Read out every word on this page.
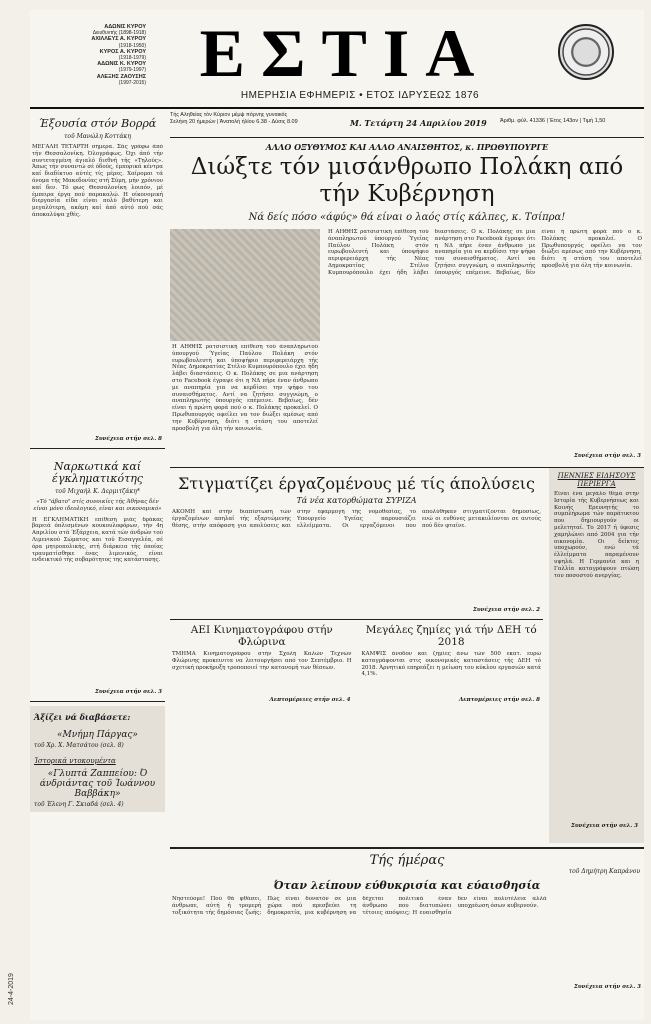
24-4-2019
ΑΔΩΝΙΣ ΚΥΡΟΥ
Διευθυντής (1898-1918)
ΑΧΙΛΛΕΥΣ Α. ΚΥΡΟΥ
(1918-1950)
ΚΥΡΟΣ Α. ΚΥΡΟΥ
(1918-1979)
ΑΔΩΝΙΣ Κ. ΚΥΡΟΥ
(1979-1997)
ΑΛΕΞΗΣ ΖΑΟΥΣΗΣ
(1997-2015) ΕΣΤΙΑ
ΗΜΕΡΗΣΙΑ ΕΦΗΜΕΡΙΣ • ΕΤΟΣ ΙΔΡΥΣΕΩΣ 1876
Έξουσία στόν Βορρά
τοῦ Μανώλη Κοττάκη
ΜΕΓΑΛΗ ΤΕΤΑΡΤΗ σήμερα. Σάς γράφω άπό τήν Θεσσαλονίκη. Όλογράφως. Όχι άπό τήν συντεταγμένη άγιαλό διεθνή τής «Τηλούς». Άπως τήν συναντώ σέ όδούς, έμπορικά κέντρα καί διαδίκτυο αύτές τίς μέρες. Χαίρομαι τά όνομα τής Μακεδονίας στή Σύμη, μήν χρόνιου καί δεν. Τό φως Θεσσαλονίκη λοιπόν, μέ έμπειρα έργα πού παρακαλώ. Η οίκονομική διεργασία είδα είναι πολύ βαθύτερη και μεγαλύτερη, ακόμη καί άπό αύτό πού σάς άποκαλύψα χθές.
Συνέχεια στήν σελ. 8
Ναρκωτικά καί έγκληματικότης
τοῦ Μιχαήλ Κ. Δερμιτζάκη*
«Τό "άβατο" στίς συνοικίες τής Άθήνας δέν είναι μόνο ιδεολογικό, είναι και οικονομικό»
Η ΕΓΚΛΗΜΑΤΙΚΗ επίθεση μιάς δράκας βαρειά όπλισμένων κουκουλοφόρων, τήν 4η Απριλίου στά Έξάρχεια, κατά τών άνδρών τού Λιμενικού Σώματος και τού Εισαγγελέα, σέ όρα μητροπολικής, στή διάρκεια τής όποίας τραυματίσθηκε ένας λιμενικός, είναι ενδεικτικό τής σοβαρότητος της κατάστασης.
Συνέχεια στήν σελ. 3
Άξίζει νά διαβάσετε:
«Μνήμη Πάργας»
τοῦ Χρ. Χ. Ματσάτου (σελ. 8)
Ίστορικά ντοκουμέντα
«Γλυπτά Ζαππείου: Ό άνδριάντας τοῦ Ίωάννου Βαββάκη»
τοῦ Έλενη Γ. Σκιαδά (σελ. 4)
Τής Αληθείας τόν Κύριον μέμψ πόρνης γυναικός
Σελήνη 20 ήμερών | Άνατολή ήλίου 6.38 - Δύσις 8.09	Μ. Τετάρτη 24 Απριλίου 2019 Άριθμ. φύλ. 41336 | Έτος 143ον | Τιμή 1,50
ΑΛΛΟ ΟΞΥΘΥΜΟΣ ΚΑΙ ΑΛΛΟ ΑΝΑΙΣΘΗΤΟΣ, κ. ΠΡΩΘΥΠΟΥΡΓΕ
Διώξτε τόν μισάνθρωπο Πολάκη από τήν Κυβέρνηση
Νά δείς πόσο «άφύς» θά είναι ο λαός στίς κάλπες, κ. Τσίπρα!
Η ΑΗΘΗΣ ρατσιστική επίθεση τού άναπληρωτού ύπουργού Ύγείας Παύλου Πολάκη στόν ευρωβουλευτή και ύποψήφιο περιφερειάρχη τής Νέας Δημοκρατίας Στέλιο Κυμπουρόπουλο έχει ήδη λάβει διαστάσεις. Ο κ. Πολάκης σε μια ανάρτηση στο Facebook έγραψε ότι η ΝΔ πήρε έναν άνθρωπο με αναπηρία για να κερδίσει την ψήφο του συναισθήματος. Αντί να ζητήσει συγγνώμη, ο αναπληρωτής ύπουργός επέμεινε. Βεβαίως, δέν είναι ή πρώτη φορά πού ο κ. Πολάκης προκαλεί. Ο Πρωθυπουργός οφείλει να τον διώξει αμέσως από την Κυβέρνηση, διότι η στάση του αποτελεί προσβολή για όλη τήν κοινωνία.
Η ΑΗΘΗΣ ρατσιστική επίθεση τού άναπληρωτού ύπουργού Ύγείας Παύλου Πολάκη στόν ευρωβουλευτή και ύποψήφιο περιφερειάρχη τής Νέας Δημοκρατίας Στέλιο Κυμπουρόπουλο έχει ήδη λάβει διαστάσεις. Ο κ. Πολάκης σε μια ανάρτηση στο Facebook έγραψε ότι η ΝΔ πήρε έναν άνθρωπο με αναπηρία για να κερδίσει την ψήφο του συναισθήματος. Αντί να ζητήσει συγγνώμη, ο αναπληρωτής ύπουργός επέμεινε. Βεβαίως, δέν είναι ή πρώτη φορά πού ο κ. Πολάκης προκαλεί. Ο Πρωθυπουργός οφείλει να τον διώξει αμέσως από την Κυβέρνηση, διότι η στάση του αποτελεί προσβολή για όλη τήν κοινωνία.
Συνέχεια στήν σελ. 3
Στιγματίζει έργαζομένους μέ τίς άπολύσεις
Τά νέα κατορθώματα ΣΥΡΙΖΑ
ΑΚΟΜΗ καί στήν διαπίστωση τών έργαζομένων απηλαί τής εξαρτώμενης θέσης, στήν απόφαση για απολύσεις και στην εφαρμογή τής νομοθεσίας, το Υπουργείο Υγείας παρουσιάζει ελλείμματα. Οι εργαζόμενοι που απολύθηκαν στιγματίζονται δημοσίως, ενώ οι ευθύνες μετακυλίονται σε αυτούς πού δέν φταίνε.
Συνέχεια στήν σελ. 2
ΑΕΙ Κινηματογράφου στήν Φλώρινα
ΤΜΗΜΑ Κινηματογράφου στήν Σχολή Καλών Τεχνών Φλώρινης προκεινιτα να λειτουργήσει από τον Σεπτέμβριο. Η σχετική προκήρυξη τροποποιεί την κατανομή των θέσεων.
Λεπτομέρειες στήν σελ. 4
Μεγάλες ζημίες γιά τήν ΔΕΗ τό 2018
ΚΑΜΨΙΣ άνοδον και ζημίες άνω τών 500 εκατ. ευρώ καταγράφονται στις οικονομικές καταστάσεις τής ΔΕΗ τό 2018. Άρνητικό επηρεάζει η μείωση του κύκλου εργασιών κατά 4,1%.
Λεπτομέρειες στήν σελ. 8
ΠΕΝΝΙΕΣ ΕΙΔΗΣΟΥΣ ΠΕΡΙΕΡΓΑ
Είναι ένα μεγάλο θέμα στην Ιστορία τής Κυβερνήσεως και Κοινής Ερευνητής το συμπλήρωμα τών παράτικτου που δημιουργούν οι μελετηταί. Το 2017 ή ύφεσις χαμηλώνει από 2004 για τήν οικονομία. Οι δείκτες υποχωρούν, ενώ τά έλλείμματα παραμένουν υψηλά. Η Γερμανία και η Γαλλία καταγράφουν πτώση του ποσοστού ανεργίας.
Συνέχεια στήν σελ. 3
Τής ήμέρας
τοῦ Δημήτρη Καπράνου
Όταν λείπουν εύθυκρισία και εύαισθησία
Νηστεύομε! Πού θά φθάσει, άνθρωπε, αύτή ή τρομερή τοξικότητα τής δημόσιας ζωής; Πώς είναι δυνατόν σε μια χώρα πού πρεσβεύει τη δημοκρατία, μια κυβέρνηση να δέχεται πολιτικά έναν άνθρωπο που διατυπώνει τέτοιες απόψεις; Η ευαισθησία δεν είναι πολυτέλεια αλλά υποχρέωση όσων κυβερνούν.
Συνέχεια στήν σελ. 3
